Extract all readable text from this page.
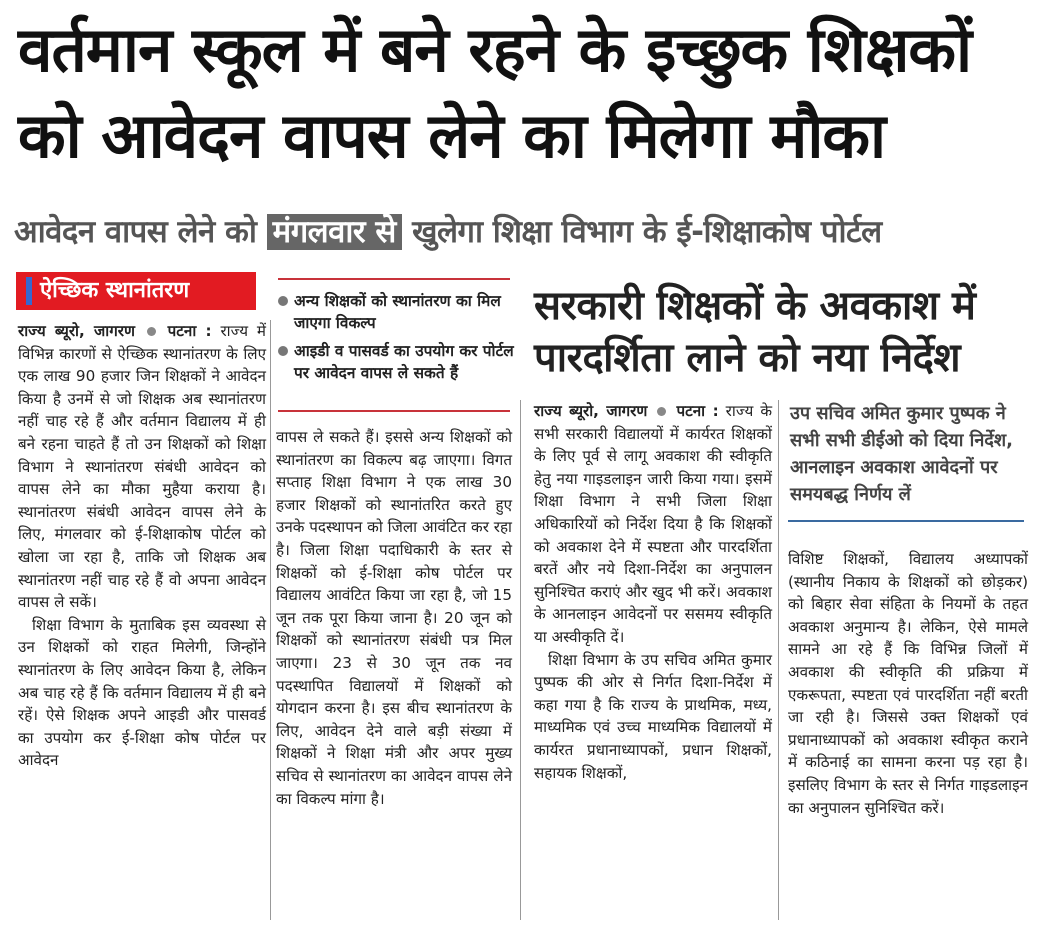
वर्तमान स्कूल में बने रहने के इच्छुक शिक्षकों
को आवेदन वापस लेने का मिलेगा मौका
आवेदन वापस लेने को मंगलवार से खुलेगा शिक्षा विभाग के ई-शिक्षाकोष पोर्टल
ऐच्छिक स्थानांतरण	अन्य शिक्षकों को स्थानांतरण का मिल जाएगा विकल्प
आइडी व पासवर्ड का उपयोग कर पोर्टल पर आवेदन वापस ले सकते हैं

राज्य ब्यूरो, जागरण पटना : राज्य में विभिन्न कारणों से ऐच्छिक स्थानांतरण के लिए एक लाख 90 हजार जिन शिक्षकों ने आवेदन किया है उनमें से जो शिक्षक अब स्थानांतरण नहीं चाह रहे हैं और वर्तमान विद्यालय में ही बने रहना चाहते हैं तो उन शिक्षकों को शिक्षा विभाग ने स्थानांतरण संबंधी आवेदन को वापस लेने का मौका मुहैया कराया है। स्थानांतरण संबंधी आवेदन वापस लेने के लिए, मंगलवार को ई-शिक्षाकोष पोर्टल को खोला जा रहा है, ताकि जो शिक्षक अब स्थानांतरण नहीं चाह रहे हैं वो अपना आवेदन वापस ले सकें।

शिक्षा विभाग के मुताबिक इस व्यवस्था से उन शिक्षकों को राहत मिलेगी, जिन्होंने स्थानांतरण के लिए आवेदन किया है, लेकिन अब चाह रहे हैं कि वर्तमान विद्यालय में ही बने रहें। ऐसे शिक्षक अपने आइडी और पासवर्ड का उपयोग कर ई-शिक्षा कोष पोर्टल पर आवेदन

वापस ले सकते हैं। इससे अन्य शिक्षकों को स्थानांतरण का विकल्प बढ़ जाएगा। विगत सप्ताह शिक्षा विभाग ने एक लाख 30 हजार शिक्षकों को स्थानांतरित करते हुए उनके पदस्थापन को जिला आवंटित कर रहा है। जिला शिक्षा पदाधिकारी के स्तर से शिक्षकों को ई-शिक्षा कोष पोर्टल पर विद्यालय आवंटित किया जा रहा है, जो 15 जून तक पूरा किया जाना है। 20 जून को शिक्षकों को स्थानांतरण संबंधी पत्र मिल जाएगा। 23 से 30 जून तक नव पदस्थापित विद्यालयों में शिक्षकों को योगदान करना है। इस बीच स्थानांतरण के लिए, आवेदन देने वाले बड़ी संख्या में शिक्षकों ने शिक्षा मंत्री और अपर मुख्य सचिव से स्थानांतरण का आवेदन वापस लेने का विकल्प मांगा है।

सरकारी शिक्षकों के अवकाश में पारदर्शिता लाने को नया निर्देश
उप सचिव अमित कुमार पुष्पक ने सभी सभी डीईओ को दिया निर्देश, आनलाइन अवकाश आवेदनों पर समयबद्ध निर्णय लें

राज्य ब्यूरो, जागरण पटना : राज्य के सभी सरकारी विद्यालयों में कार्यरत शिक्षकों के लिए पूर्व से लागू अवकाश की स्वीकृति हेतु नया गाइडलाइन जारी किया गया। इसमें शिक्षा विभाग ने सभी जिला शिक्षा अधिकारियों को निर्देश दिया है कि शिक्षकों को अवकाश देने में स्पष्टता और पारदर्शिता बरतें और नये दिशा-निर्देश का अनुपालन सुनिश्चित कराएं और खुद भी करें। अवकाश के आनलाइन आवेदनों पर ससमय स्वीकृति या अस्वीकृति दें।

शिक्षा विभाग के उप सचिव अमित कुमार पुष्पक की ओर से निर्गत दिशा-निर्देश में कहा गया है कि राज्य के प्राथमिक, मध्य, माध्यमिक एवं उच्च माध्यमिक विद्यालयों में कार्यरत प्रधानाध्यापकों, प्रधान शिक्षकों, सहायक शिक्षकों,

विशिष्ट शिक्षकों, विद्यालय अध्यापकों (स्थानीय निकाय के शिक्षकों को छोड़कर) को बिहार सेवा संहिता के नियमों के तहत अवकाश अनुमान्य है। लेकिन, ऐसे मामले सामने आ रहे हैं कि विभिन्न जिलों में अवकाश की स्वीकृति की प्रक्रिया में एकरूपता, स्पष्टता एवं पारदर्शिता नहीं बरती जा रही है। जिससे उक्त शिक्षकों एवं प्रधानाध्यापकों को अवकाश स्वीकृत कराने में कठिनाई का सामना करना पड़ रहा है। इसलिए विभाग के स्तर से निर्गत गाइडलाइन का अनुपालन सुनिश्चित करें।
